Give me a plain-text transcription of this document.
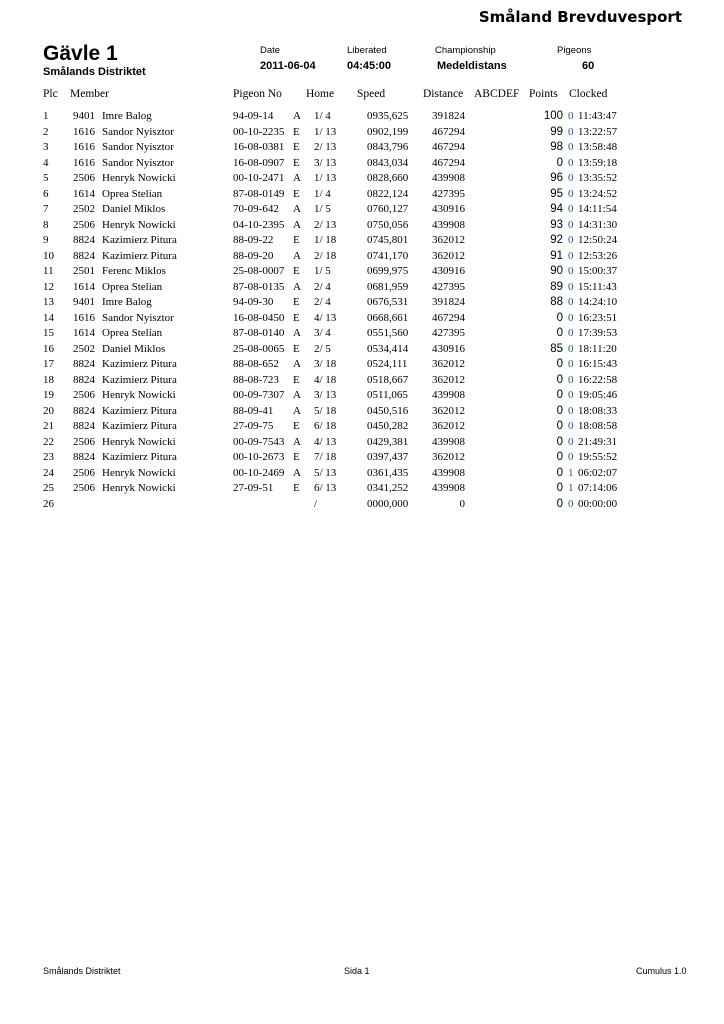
Småland Brevduvesport
Gävle 1
Smålands Distriktet
Date
2011-06-04
Liberated
04:45:00
Championship
Medeldistans
Pigeons
60
Plc Member	Pigeon No Home Speed	Distance ABCDEF Points Clocked
1 9401 Imre Balog	94-09-14 A 1/ 4	0935,625	391824	100 0 11:43:47
2 1616 Sandor Nyisztor	00-10-2235 E 1/ 13	0902,199	467294	99 0 13:22:57
3 1616 Sandor Nyisztor	16-08-0381 E 2/ 13	0843,796	467294	98 0 13:58:48
4 1616 Sandor Nyisztor	16-08-0907 E 3/ 13	0843,034	467294	0 0 13:59:18
5 2506 Henryk Nowicki	00-10-2471 A 1/ 13	0828,660	439908	96 0 13:35:52
6 1614 Oprea Stelian	87-08-0149 E 1/ 4	0822,124	427395	95 0 13:24:52
7 2502 Daniel Miklos	70-09-642 A 1/ 5	0760,127	430916	94 0 14:11:54
8 2506 Henryk Nowicki	04-10-2395 A 2/ 13	0750,056	439908	93 0 14:31:30
9 8824 Kazimierz Pitura	88-09-22 E 1/ 18	0745,801	362012	92 0 12:50:24
10 8824 Kazimierz Pitura	88-09-20 A 2/ 18	0741,170	362012	91 0 12:53:26
11 2501 Ferenc Miklos	25-08-0007 E 1/ 5	0699,975	430916	90 0 15:00:37
12 1614 Oprea Stelian	87-08-0135 A 2/ 4	0681,959	427395	89 0 15:11:43
13 9401 Imre Balog	94-09-30 E 2/ 4	0676,531	391824	88 0 14:24:10
14 1616 Sandor Nyisztor	16-08-0450 E 4/ 13	0668,661	467294	0 0 16:23:51
15 1614 Oprea Stelian	87-08-0140 A 3/ 4	0551,560	427395	0 0 17:39:53
16 2502 Daniel Miklos	25-08-0065 E 2/ 5	0534,414	430916	85 0 18:11:20
17 8824 Kazimierz Pitura	88-08-652 A 3/ 18	0524,111	362012	0 0 16:15:43
18 8824 Kazimierz Pitura	88-08-723 E 4/ 18	0518,667	362012	0 0 16:22:58
19 2506 Henryk Nowicki	00-09-7307 A 3/ 13	0511,065	439908	0 0 19:05:46
20 8824 Kazimierz Pitura	88-09-41 A 5/ 18	0450,516	362012	0 0 18:08:33
21 8824 Kazimierz Pitura	27-09-75 E 6/ 18	0450,282	362012	0 0 18:08:58
22 2506 Henryk Nowicki	00-09-7543 A 4/ 13	0429,381	439908	0 0 21:49:31
23 8824 Kazimierz Pitura	00-10-2673 E 7/ 18	0397,437	362012	0 0 19:55:52
24 2506 Henryk Nowicki	00-10-2469 A 5/ 13	0361,435	439908	0 1 06:02:07
25 2506 Henryk Nowicki	27-09-51 E 6/ 13	0341,252	439908	0 1 07:14:06
26	/	0000,000	0	0 0 00:00:00
Smålands Distriktet	Sida 1	Cumulus 1.0
